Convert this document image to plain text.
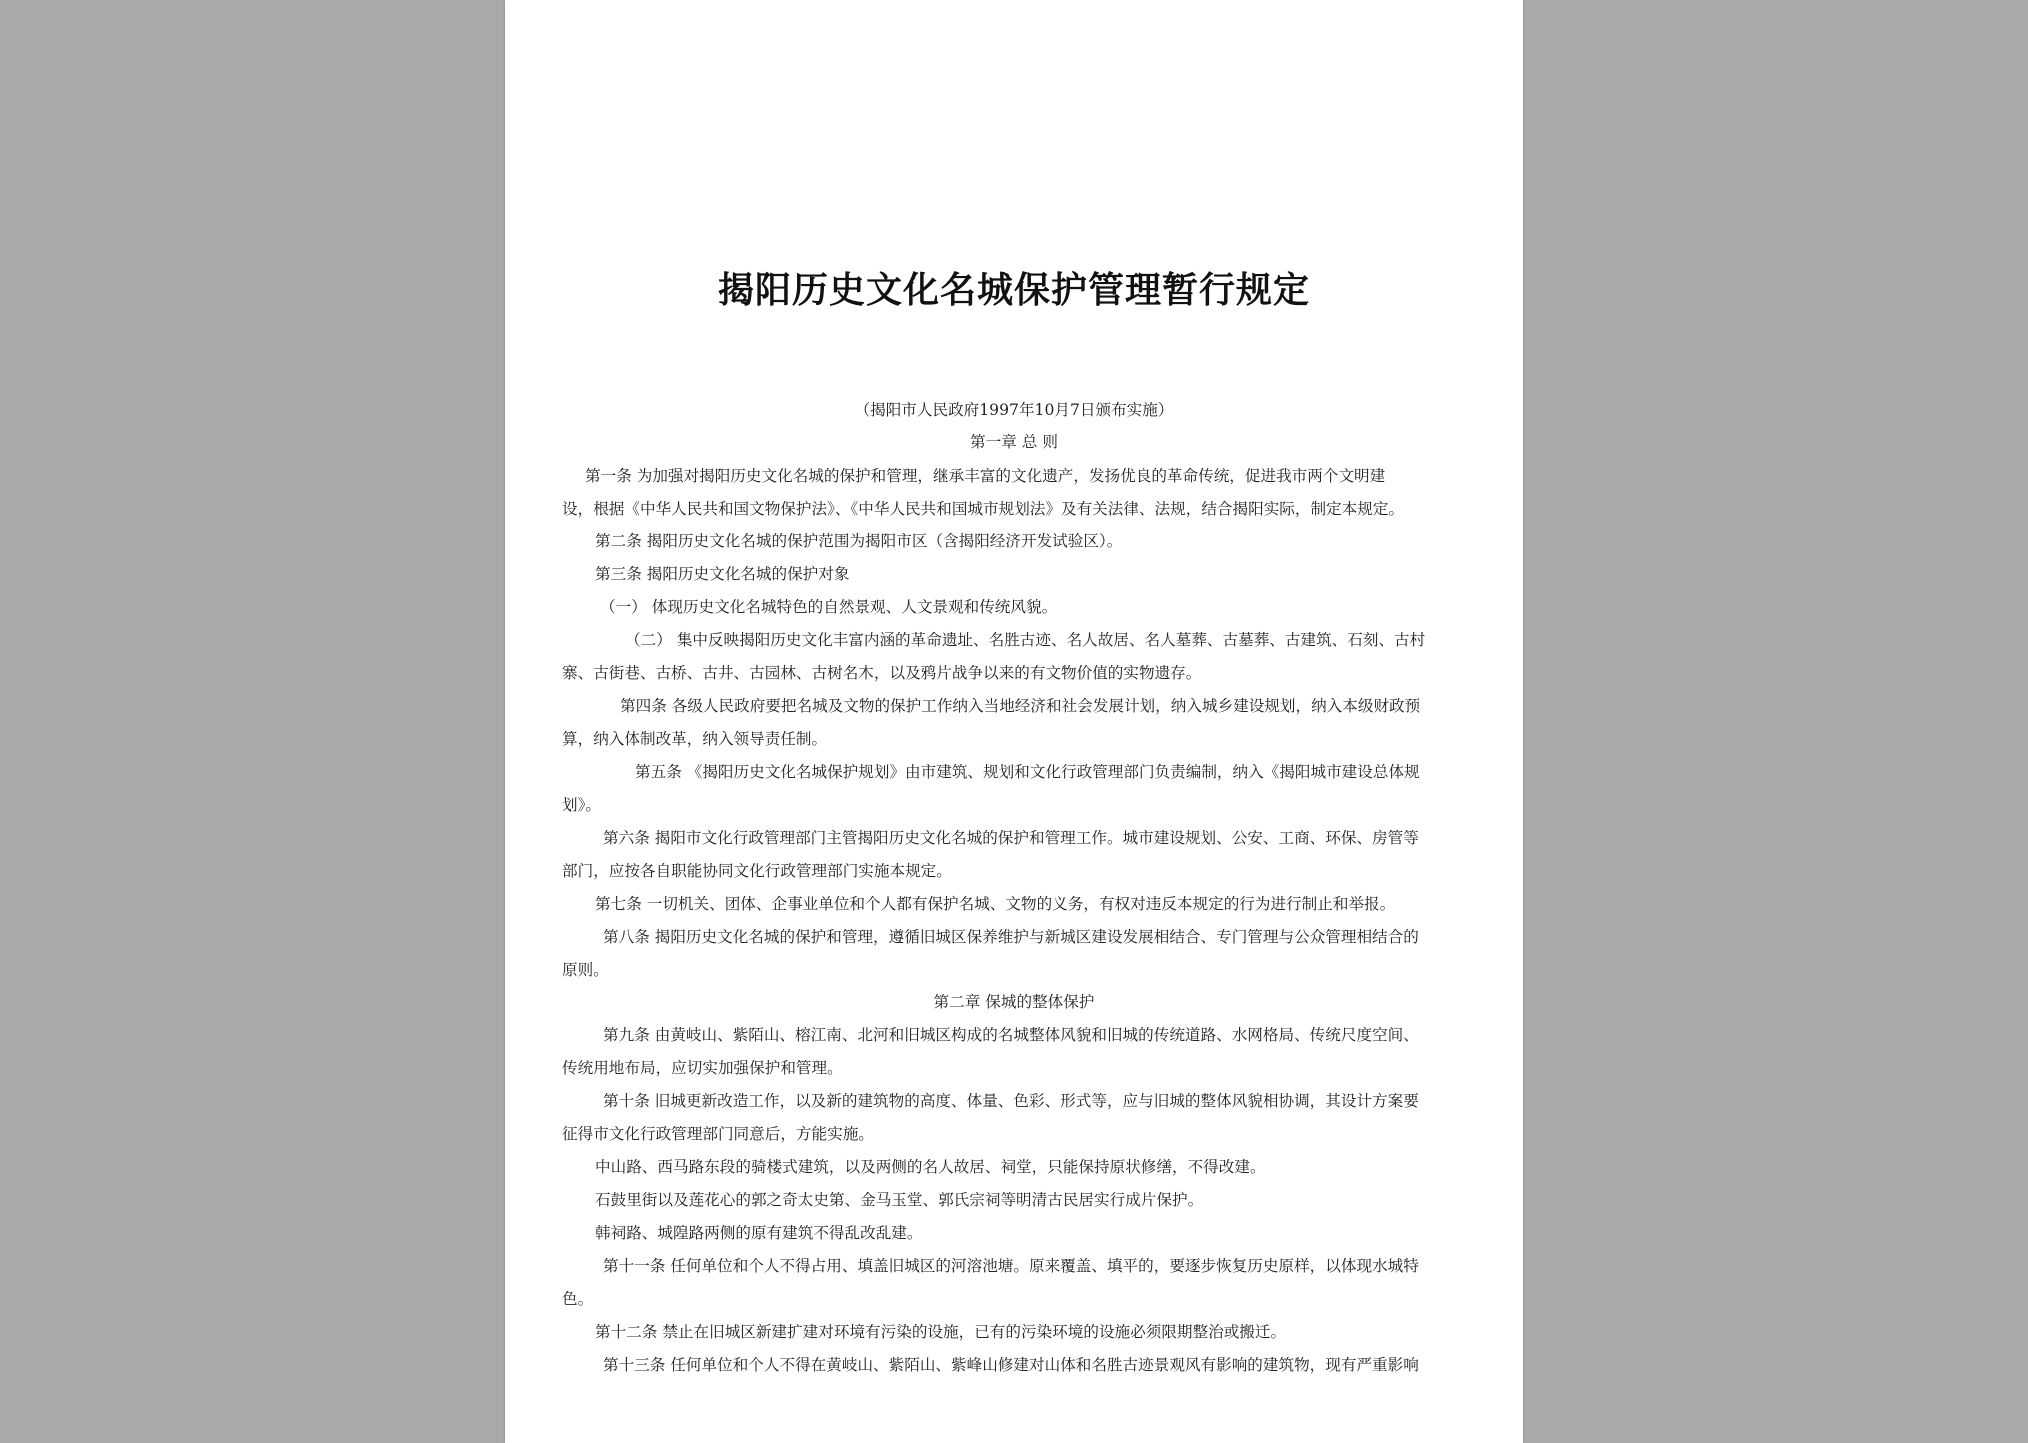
揭阳历史文化名城保护管理暂行规定
（揭阳市人民政府1997年10月7日颁布实施）
第一章 总 则
第一条 为加强对揭阳历史文化名城的保护和管理，继承丰富的文化遗产，发扬优良的革命传统，促进我市两个文明建
设，根据《中华人民共和国文物保护法》、《中华人民共和国城市规划法》及有关法律、法规，结合揭阳实际，制定本规定。
第二条 揭阳历史文化名城的保护范围为揭阳市区（含揭阳经济开发试验区）。
第三条 揭阳历史文化名城的保护对象
（一） 体现历史文化名城特色的自然景观、人文景观和传统风貌。
（二） 集中反映揭阳历史文化丰富内涵的革命遗址、名胜古迹、名人故居、名人墓葬、古墓葬、古建筑、石刻、古村
寨、古街巷、古桥、古井、古园林、古树名木，以及鸦片战争以来的有文物价值的实物遗存。
第四条 各级人民政府要把名城及文物的保护工作纳入当地经济和社会发展计划，纳入城乡建设规划，纳入本级财政预
算，纳入体制改革，纳入领导责任制。
第五条 《揭阳历史文化名城保护规划》由市建筑、规划和文化行政管理部门负责编制，纳入《揭阳城市建设总体规
划》。
第六条 揭阳市文化行政管理部门主管揭阳历史文化名城的保护和管理工作。城市建设规划、公安、工商、环保、房管等
部门，应按各自职能协同文化行政管理部门实施本规定。
第七条 一切机关、团体、企事业单位和个人都有保护名城、文物的义务，有权对违反本规定的行为进行制止和举报。
第八条 揭阳历史文化名城的保护和管理，遵循旧城区保养维护与新城区建设发展相结合、专门管理与公众管理相结合的
原则。
第二章 保城的整体保护
第九条 由黄岐山、紫陌山、榕江南、北河和旧城区构成的名城整体风貌和旧城的传统道路、水网格局、传统尺度空间、
传统用地布局，应切实加强保护和管理。
第十条 旧城更新改造工作，以及新的建筑物的高度、体量、色彩、形式等，应与旧城的整体风貌相协调，其设计方案要
征得市文化行政管理部门同意后，方能实施。
中山路、西马路东段的骑楼式建筑，以及两侧的名人故居、祠堂，只能保持原状修缮，不得改建。
石鼓里街以及莲花心的郭之奇太史第、金马玉堂、郭氏宗祠等明清古民居实行成片保护。
韩祠路、城隍路两侧的原有建筑不得乱改乱建。
第十一条 任何单位和个人不得占用、填盖旧城区的河溶池塘。原来覆盖、填平的，要逐步恢复历史原样，以体现水城特
色。
第十二条 禁止在旧城区新建扩建对环境有污染的设施，已有的污染环境的设施必须限期整治或搬迁。
第十三条 任何单位和个人不得在黄岐山、紫陌山、紫峰山修建对山体和名胜古迹景观风有影响的建筑物，现有严重影响
